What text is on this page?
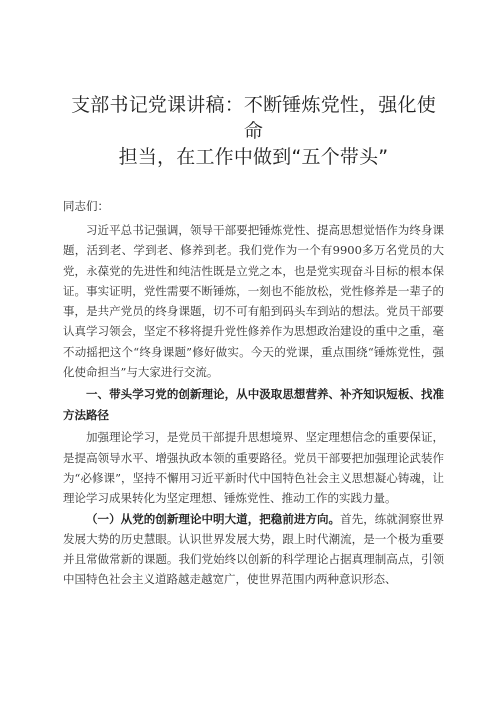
支部书记党课讲稿：不断锤炼党性，强化使命
担当，在工作中做到“五个带头”

同志们：

习近平总书记强调，领导干部要把锤炼党性、提高思想觉悟作为终身课题，活到老、学到老、修养到老。我们党作为一个有9900多万名党员的大党，永葆党的先进性和纯洁性既是立党之本，也是党实现奋斗目标的根本保证。事实证明，党性需要不断锤炼，一刻也不能放松，党性修养是一辈子的事，是共产党员的终身课题，切不可有船到码头车到站的想法。党员干部要认真学习领会，坚定不移将提升党性修养作为思想政治建设的重中之重，毫不动摇把这个“终身课题”修好做实。今天的党课，重点围绕“锤炼党性，强化使命担当”与大家进行交流。

一、带头学习党的创新理论，从中汲取思想营养、补齐知识短板、找准方法路径

加强理论学习，是党员干部提升思想境界、坚定理想信念的重要保证，是提高领导水平、增强执政本领的重要路径。党员干部要把加强理论武装作为“必修课”，坚持不懈用习近平新时代中国特色社会主义思想凝心铸魂，让理论学习成果转化为坚定理想、锤炼党性、推动工作的实践力量。

（一）从党的创新理论中明大道，把稳前进方向。首先，练就洞察世界发展大势的历史慧眼。认识世界发展大势，跟上时代潮流，是一个极为重要并且常做常新的课题。我们党始终以创新的科学理论占据真理制高点，引领中国特色社会主义道路越走越宽广，使世界范围内两种意识形态、
